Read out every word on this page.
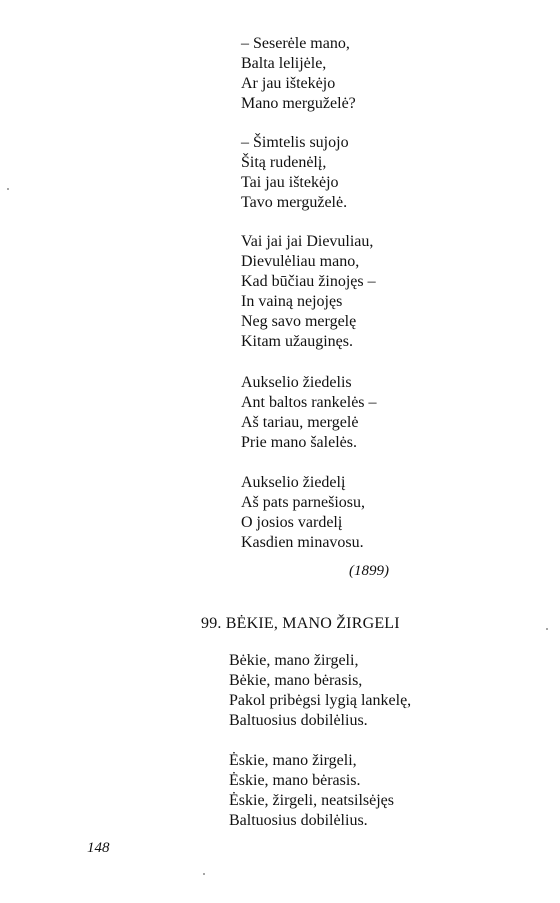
– Seserėle mano,
Balta lelijėle,
Ar jau ištekėjo
Mano merguželė?
– Šimtelis sujojo
Šitą rudenėlį,
Tai jau ištekėjo
Tavo merguželė.
Vai jai jai Dievuliau,
Dievulėliau mano,
Kad būčiau žinojęs –
In vainą nejojęs
Neg savo mergelę
Kitam užauginęs.
Aukselio žiedelis
Ant baltos rankelės –
Aš tariau, mergelė
Prie mano šalelės.
Aukselio žiedelį
Aš pats parnešiosu,
O josios vardelį
Kasdien minavosu.
(1899)
99. BĖKIE, MANO ŽIRGELI
Bėkie, mano žirgeli,
Bėkie, mano bėrasis,
Pakol pribėgsi lygią lankelę,
Baltuosius dobilėlius.
Ėskie, mano žirgeli,
Ėskie, mano bėrasis.
Ėskie, žirgeli, neatsilsėjęs
Baltuosius dobilėlius.
148
